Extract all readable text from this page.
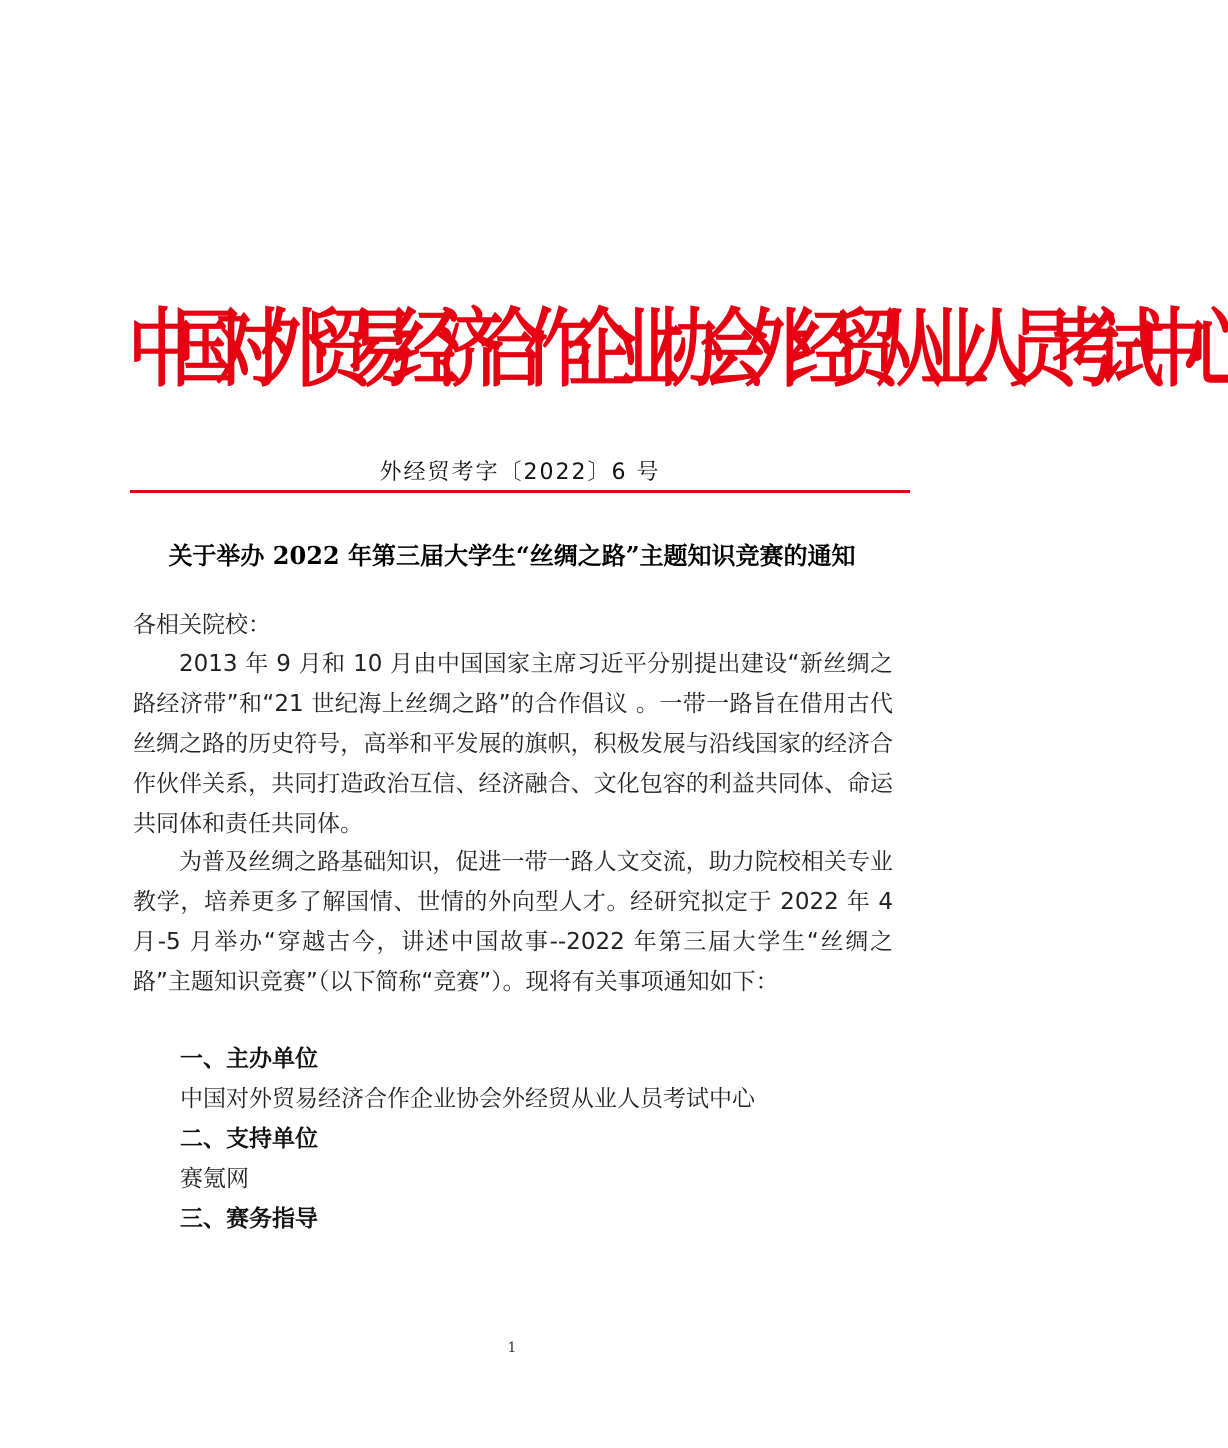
中国对外贸易经济合作企业协会外经贸从业人员考试中心
外经贸考字〔2022〕6 号
关于举办 2022 年第三届大学生“丝绸之路”主题知识竞赛的通知
各相关院校：

2013 年 9 月和 10 月由中国国家主席习近平分别提出建设“新丝绸之路经济带”和“21 世纪海上丝绸之路”的合作倡议 。一带一路旨在借用古代丝绸之路的历史符号，高举和平发展的旗帜，积极发展与沿线国家的经济合作伙伴关系，共同打造政治互信、经济融合、文化包容的利益共同体、命运共同体和责任共同体。

为普及丝绸之路基础知识，促进一带一路人文交流，助力院校相关专业教学，培养更多了解国情、世情的外向型人才。经研究拟定于 2022 年 4 月-5 月举办“穿越古今，讲述中国故事--2022 年第三届大学生“丝绸之路”主题知识竞赛”（以下简称“竞赛”）。现将有关事项通知如下：

一、主办单位
中国对外贸易经济合作企业协会外经贸从业人员考试中心
二、支持单位
赛氪网
三、赛务指导
1
